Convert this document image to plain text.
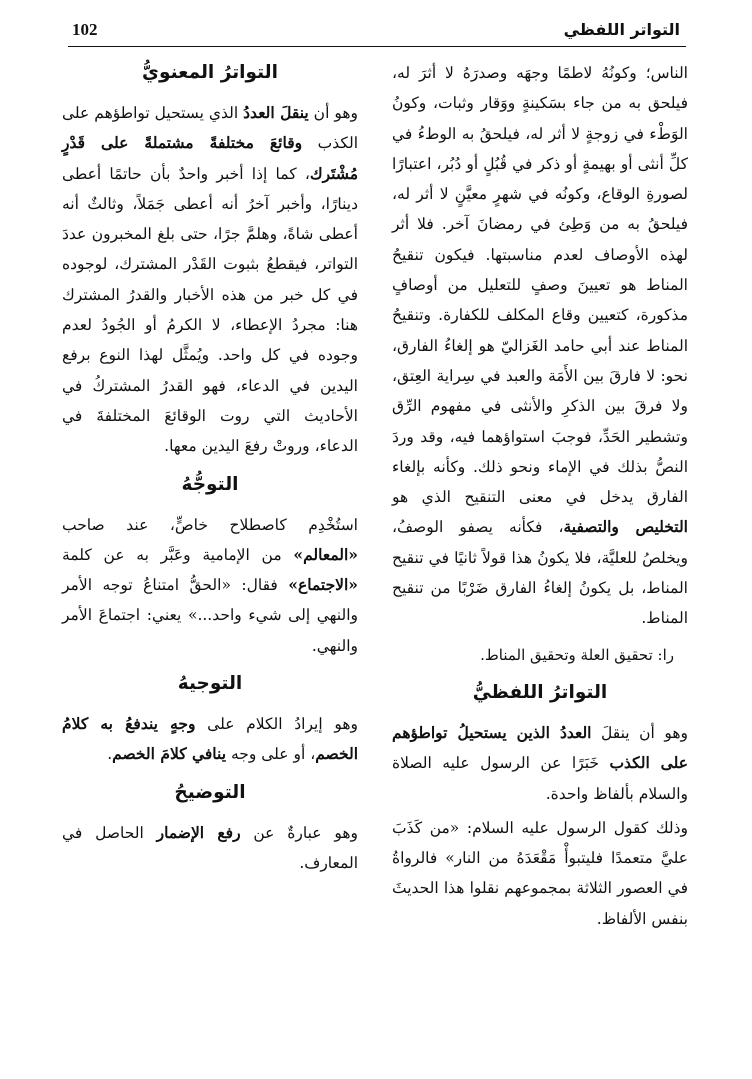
التواتر اللفظي
102

الناس؛ وكونُهُ لاطمًا وجهَه وصدرَهُ لا أثرَ له، فيلحق به من جاء بسَكينةٍ ووَقار وثبات، وكونُ الوَطْء في زوجةٍ لا أثر له، فيلحقُ به الوطءُ في كلِّ أنثى أو بهيمةٍ أو ذكر في قُبُلٍ أو دُبُر، اعتبارًا لصورةِ الوقاع، وكونُه في شهرٍ معيَّنٍ لا أثر له، فيلحقُ به من وَطِئ في رمضانَ آخر. فلا أثر لهذه الأوصاف لعدم مناسبتها. فيكون تنقيحُ المناط هو تعيينَ وصفٍ للتعليل من أوصافٍ مذكورة، كتعيين وقاع المكلف للكفارة. وتنقيحُ المناط عند أبي حامد الغَزاليّ هو إلغاءُ الفارق، نحو: لا فارقَ بين الأَمَة والعبد في سِراية العِتق، ولا فرقَ بين الذكرِ والأنثى في مفهوم الرِّق وتشطير الحَدِّ، فوجبَ استواؤهما فيه، وقد وردَ النصُّ بذلك في الإماء ونحو ذلك. وكأنه بإلغاء الفارق يدخل في معنى التنقيح الذي هو التخليص والتصفية، فكأنه يصفو الوصفُ، ويخلصُ للعليَّة، فلا يكونُ هذا قولاً ثانيًا في تنقيح المناط، بل يكونُ إلغاءُ الفارق ضَرْبًا من تنقيح المناط.

را: تحقيق العلة وتحقيق المناط.

التواترُ اللفظيُّ

وهو أن ينقلَ العددُ الذين يستحيلُ تواطؤهم على الكذب خَبَرًا عن الرسول عليه الصلاة والسلام بألفاظ واحدة.

وذلك كقول الرسول عليه السلام: «من كَذَبَ عليَّ متعمدًا فليتبوأْ مَقْعَدَهُ من النار» فالرواةُ في العصور الثلاثة بمجموعهم نقلوا هذا الحديثَ بنفس الألفاظ.

التواترُ المعنويُّ

وهو أن ينقلَ العددُ الذي يستحيل تواطؤهم على الكذب وقائعَ مختلفةً مشتملةً على قَدْرٍ مُشْتَرك، كما إذا أخبر واحدٌ بأن حاتمًا أعطى دينارًا، وأخبر آخرُ أنه أعطى جَمَلاً، وثالثٌ أنه أعطى شاةً، وهلمَّ جرًا، حتى بلغ المخبرون عددَ التواتر، فيقطعُ بثبوت القَدْر المشترك، لوجوده في كل خبر من هذه الأخبار والقدرُ المشترك هنا: مجردُ الإعطاء، لا الكرمُ أو الجُودُ لعدم وجوده في كل واحد. ويُمثَّل لهذا النوع برفع اليدين في الدعاء، فهو القدرُ المشتركُ في الأحاديث التي روت الوقائعَ المختلفةَ في الدعاء، وروتْ رفعَ اليدين معها.

التوجُّهُ

استُخْدِم كاصطلاح خاصٍّ، عند صاحب «المعالم» من الإمامية وعَبَّر به عن كلمة «الاجتماع» فقال: «الحقُّ امتناعُ توجه الأمر والنهي إلى شيء واحد...» يعني: اجتماعَ الأمر والنهي.

التوجيهُ

وهو إيرادُ الكلام على وجهٍ يندفعُ به كلامُ الخصم، أو على وجه ينافي كلامَ الخصم.

التوضيحُ

وهو عبارةٌ عن رفع الإضمار الحاصل في المعارف.
